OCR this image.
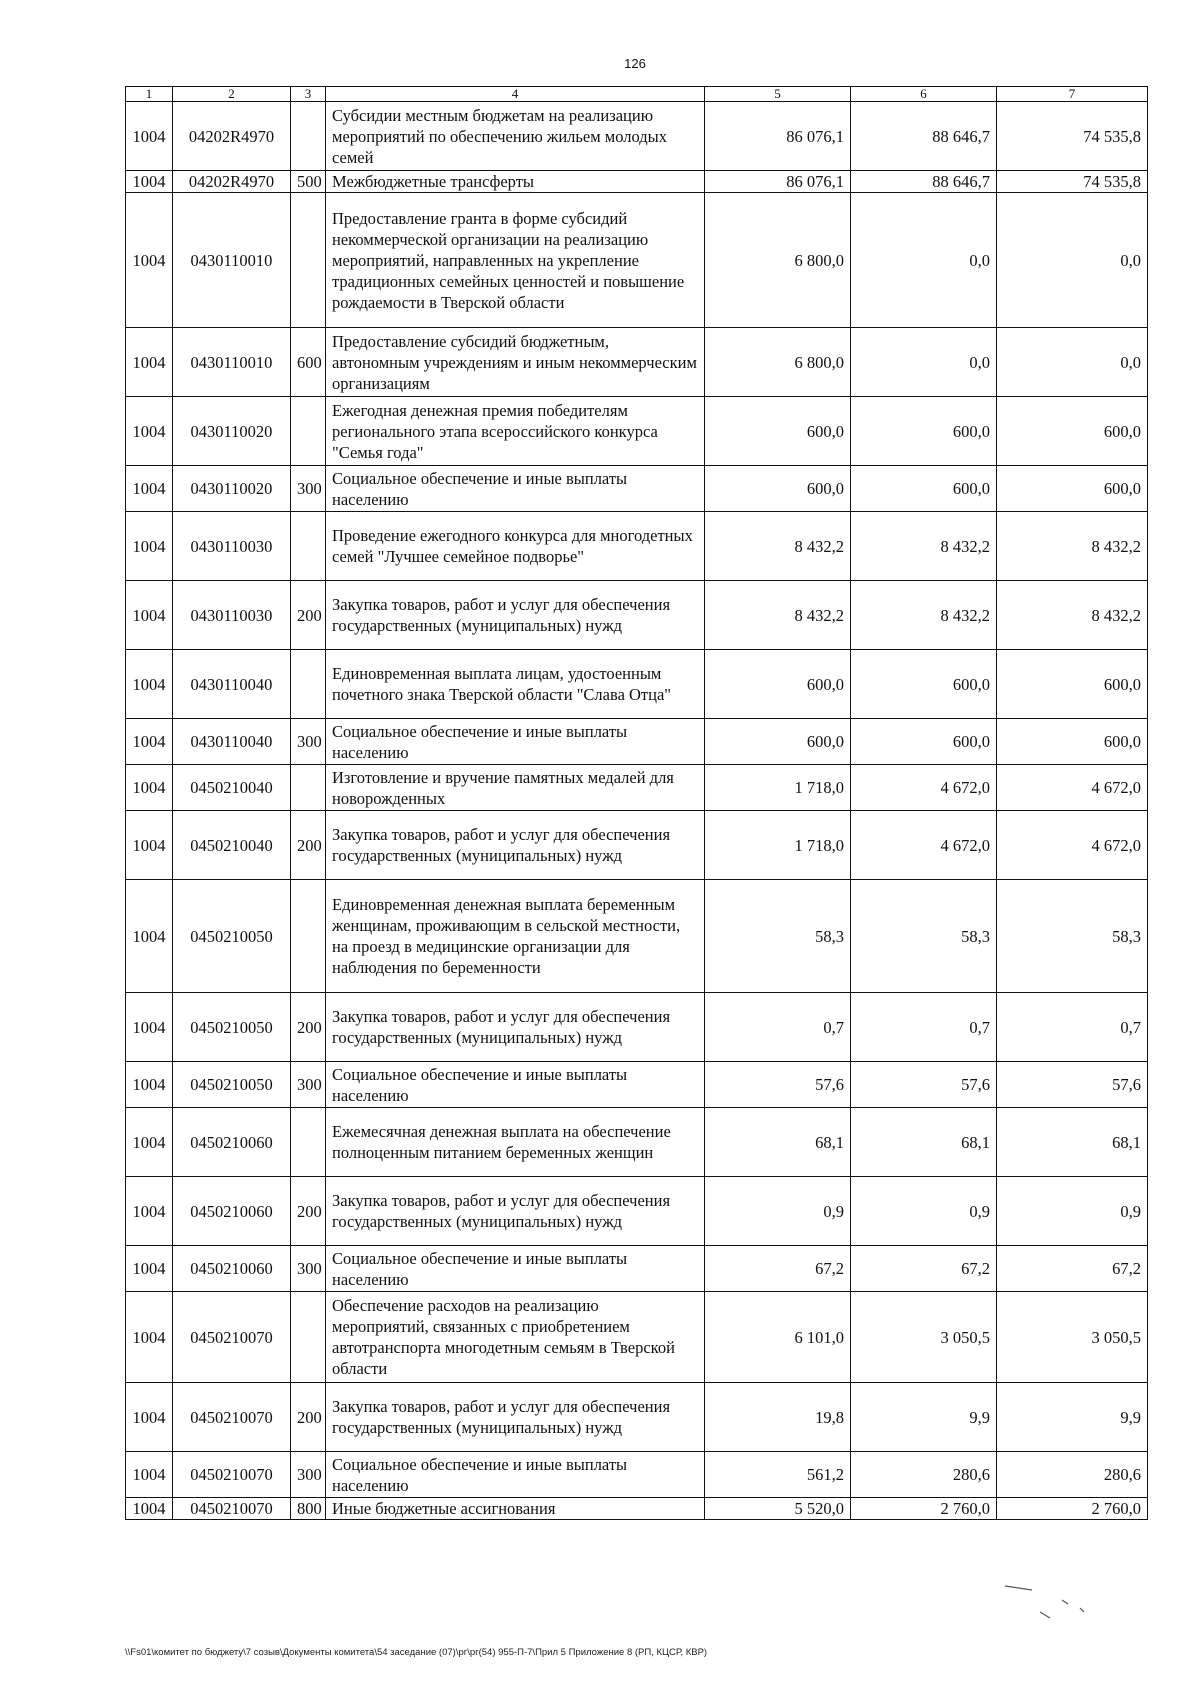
126
1	2	3	4	5	6	7
1004	04202R4970		Субсидии местным бюджетам на реализацию мероприятий по обеспечению жильем молодых семей	86 076,1	88 646,7	74 535,8
1004	04202R4970	500	Межбюджетные трансферты	86 076,1	88 646,7	74 535,8
1004	0430110010		Предоставление гранта в форме субсидий некоммерческой организации на реализацию мероприятий, направленных на укрепление традиционных семейных ценностей и повышение рождаемости в Тверской области	6 800,0	0,0	0,0
1004	0430110010	600	Предоставление субсидий бюджетным, автономным учреждениям и иным некоммерческим организациям	6 800,0	0,0	0,0
1004	0430110020		Ежегодная денежная премия победителям регионального этапа всероссийского конкурса "Семья года"	600,0	600,0	600,0
1004	0430110020	300	Социальное обеспечение и иные выплаты населению	600,0	600,0	600,0
1004	0430110030		Проведение ежегодного конкурса для многодетных семей "Лучшее семейное подворье"	8 432,2	8 432,2	8 432,2
1004	0430110030	200	Закупка товаров, работ и услуг для обеспечения государственных (муниципальных) нужд	8 432,2	8 432,2	8 432,2
1004	0430110040		Единовременная выплата лицам, удостоенным почетного знака Тверской области "Слава Отца"	600,0	600,0	600,0
1004	0430110040	300	Социальное обеспечение и иные выплаты населению	600,0	600,0	600,0
1004	0450210040		Изготовление и вручение памятных медалей для новорожденных	1 718,0	4 672,0	4 672,0
1004	0450210040	200	Закупка товаров, работ и услуг для обеспечения государственных (муниципальных) нужд	1 718,0	4 672,0	4 672,0
1004	0450210050		Единовременная денежная выплата беременным женщинам, проживающим в сельской местности, на проезд в медицинские организации для наблюдения по беременности	58,3	58,3	58,3
1004	0450210050	200	Закупка товаров, работ и услуг для обеспечения государственных (муниципальных) нужд	0,7	0,7	0,7
1004	0450210050	300	Социальное обеспечение и иные выплаты населению	57,6	57,6	57,6
1004	0450210060		Ежемесячная денежная выплата на обеспечение полноценным питанием беременных женщин	68,1	68,1	68,1
1004	0450210060	200	Закупка товаров, работ и услуг для обеспечения государственных (муниципальных) нужд	0,9	0,9	0,9
1004	0450210060	300	Социальное обеспечение и иные выплаты населению	67,2	67,2	67,2
1004	0450210070		Обеспечение расходов на реализацию мероприятий, связанных с приобретением автотранспорта многодетным семьям в Тверской области	6 101,0	3 050,5	3 050,5
1004	0450210070	200	Закупка товаров, работ и услуг для обеспечения государственных (муниципальных) нужд	19,8	9,9	9,9
1004	0450210070	300	Социальное обеспечение и иные выплаты населению	561,2	280,6	280,6
1004	0450210070	800	Иные бюджетные ассигнования	5 520,0	2 760,0	2 760,0
\\Fs01\комитет по бюджету\7 созыв\Документы комитета\54 заседание (07)\рг\рг(54) 955-П-7\Прил 5 Приложение 8 (РП, КЦСР, КВР)
